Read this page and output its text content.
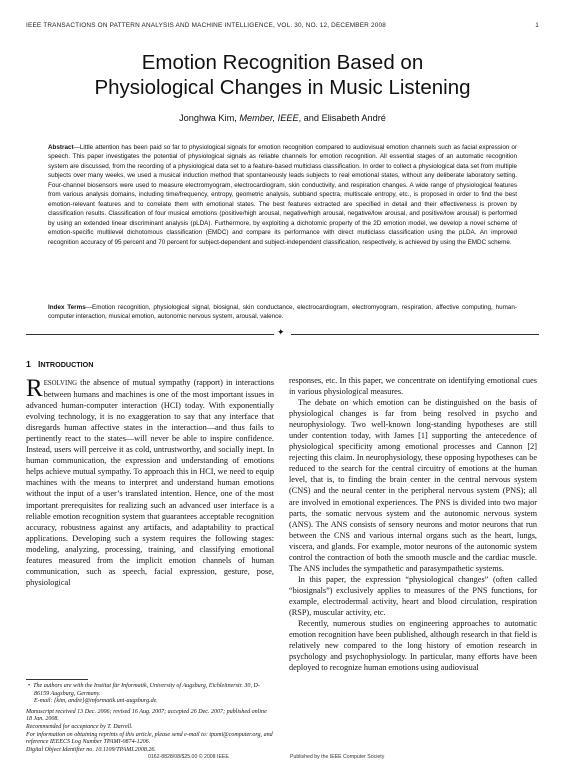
IEEE TRANSACTIONS ON PATTERN ANALYSIS AND MACHINE INTELLIGENCE, VOL. 30, NO. 12, DECEMBER 2008	1
Emotion Recognition Based on
Physiological Changes in Music Listening
Jonghwa Kim, Member, IEEE, and Elisabeth André
Abstract—Little attention has been paid so far to physiological signals for emotion recognition compared to audiovisual emotion channels such as facial expression or speech. This paper investigates the potential of physiological signals as reliable channels for emotion recognition. All essential stages of an automatic recognition system are discussed, from the recording of a physiological data set to a feature-based multiclass classification. In order to collect a physiological data set from multiple subjects over many weeks, we used a musical induction method that spontaneously leads subjects to real emotional states, without any deliberate laboratory setting. Four-channel biosensors were used to measure electromyogram, electrocardiogram, skin conductivity, and respiration changes. A wide range of physiological features from various analysis domains, including time/frequency, entropy, geometric analysis, subband spectra, multiscale entropy, etc., is proposed in order to find the best emotion-relevant features and to correlate them with emotional states. The best features extracted are specified in detail and their effectiveness is proven by classification results. Classification of four musical emotions (positive/high arousal, negative/high arousal, negative/low arousal, and positive/low arousal) is performed by using an extended linear discriminant analysis (pLDA). Furthermore, by exploiting a dichotomic property of the 2D emotion model, we develop a novel scheme of emotion-specific multilevel dichotomous classification (EMDC) and compare its performance with direct multiclass classification using the pLDA. An improved recognition accuracy of 95 percent and 70 percent for subject-dependent and subject-independent classification, respectively, is achieved by using the EMDC scheme.
Index Terms—Emotion recognition, physiological signal, biosignal, skin conductance, electrocardiogram, electromyogram, respiration, affective computing, human-computer interaction, musical emotion, autonomic nervous system, arousal, valence.
✦
1 INTRODUCTION

RESOLVING the absence of mutual sympathy (rapport) in interactions between humans and machines is one of the most important issues in advanced human-computer interaction (HCI) today. With exponentially evolving technology, it is no exaggeration to say that any interface that disregards human affective states in the interaction—and thus fails to pertinently react to the states—will never be able to inspire confidence. Instead, users will perceive it as cold, untrustworthy, and socially inept. In human communication, the expression and understanding of emotions helps achieve mutual sympathy. To approach this in HCI, we need to equip machines with the means to interpret and understand human emotions without the input of a user’s translated intention. Hence, one of the most important prerequisites for realizing such an advanced user interface is a reliable emotion recognition system that guarantees acceptable recognition accuracy, robustness against any artifacts, and adaptability to practical applications. Developing such a system requires the following stages: modeling, analyzing, processing, training, and classifying emotional features measured from the implicit emotion channels of human communication, such as speech, facial expression, gesture, pose, physiological

responses, etc. In this paper, we concentrate on identifying emotional cues in various physiological measures.

The debate on which emotion can be distinguished on the basis of physiological changes is far from being resolved in psycho and neurophysiology. Two well-known long-standing hypotheses are still under contention today, with James [1] supporting the antecedence of physiological specificity among emotional processes and Cannon [2] rejecting this claim. In neurophysiology, these opposing hypotheses can be reduced to the search for the central circuitry of emotions at the human level, that is, to finding the brain center in the central nervous system (CNS) and the neural center in the peripheral nervous system (PNS); all are involved in emotional experiences. The PNS is divided into two major parts, the somatic nervous system and the autonomic nervous system (ANS). The ANS consists of sensory neurons and motor neurons that run between the CNS and various internal organs such as the heart, lungs, viscera, and glands. For example, motor neurons of the autonomic system control the contraction of both the smooth muscle and the cardiac muscle. The ANS includes the sympathetic and parasympathetic systems.

In this paper, the expression “physiological changes” (often called “biosignals”) exclusively applies to measures of the PNS functions, for example, electrodermal activity, heart and blood circulation, respiration (RSP), muscular activity, etc.

Recently, numerous studies on engineering approaches to automatic emotion recognition have been published, although research in that field is relatively new compared to the long history of emotion research in psychology and psychophysiology. In particular, many efforts have been deployed to recognize human emotions using audiovisual

• The authors are with the Institut für Informatik, University of Augsburg, Eichleitnerstr. 30, D-86159 Augsburg, Germany.
E-mail: {kim, andre}@informatik.uni-augsburg.de.
Manuscript received 13 Dec. 2006; revised 16 Aug. 2007; accepted 26 Dec. 2007; published online 18 Jan. 2008.
Recommended for acceptance by T. Darrell.
For information on obtaining reprints of this article, please send e-mail to: tpami@computer.org, and reference IEEECS Log Number TPAMI-0874-1206.
Digital Object Identifier no. 10.1109/TPAMI.2008.26.
0162-8828/08/$25.00 © 2008 IEEE	Published by the IEEE Computer Society
